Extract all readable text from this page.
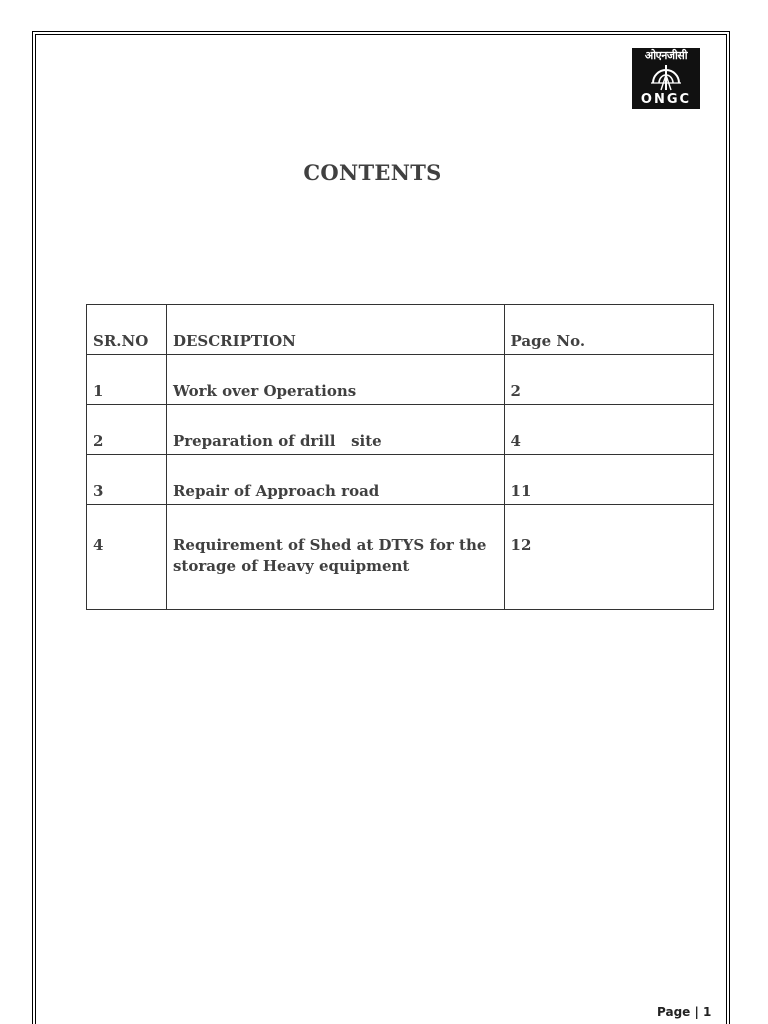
ओएनजीसी
ONGC
CONTENTS
SR.NO	DESCRIPTION	Page No.
1	Work over Operations	2
2	Preparation of drill   site	4
3	Repair of Approach road	11
4	Requirement of Shed at DTYS for the storage of Heavy equipment	12
Page | 1
